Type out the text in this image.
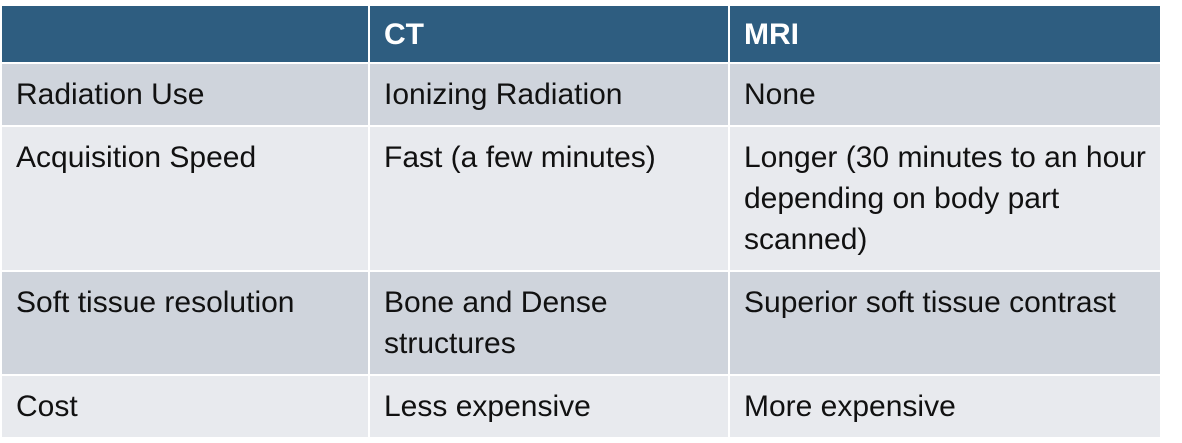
	CT	MRI
Radiation Use	Ionizing Radiation	None
Acquisition Speed	Fast (a few minutes)	Longer (30 minutes to an hour depending on body part scanned)
Soft tissue resolution	Bone and Dense structures	Superior soft tissue contrast
Cost	Less expensive	More expensive
